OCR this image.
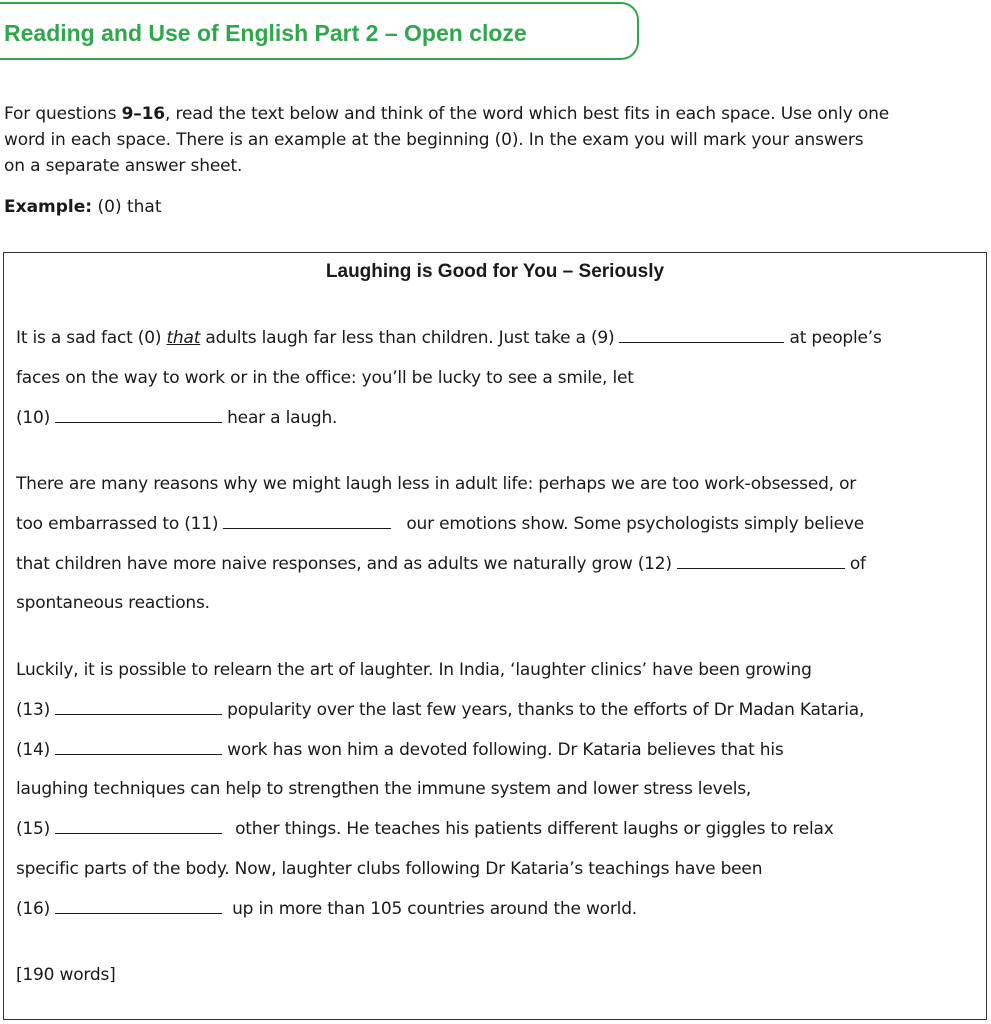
Reading and Use of English Part 2 – Open cloze

For questions 9–16, read the text below and think of the word which best fits in each space. Use only one

word in each space. There is an example at the beginning (0). In the exam you will mark your answers

on a separate answer sheet.

Example: (0) that
Laughing is Good for You – Seriously
It is a sad fact (0) that adults laugh far less than children. Just take a (9)	at people’s
faces on the way to work or in the office: you’ll be lucky to see a smile, let
(10)	hear a laugh.
There are many reasons why we might laugh less in adult life: perhaps we are too work-obsessed, or
too embarrassed to (11)	our emotions show. Some psychologists simply believe
that children have more naive responses, and as adults we naturally grow (12)	of
spontaneous reactions.
Luckily, it is possible to relearn the art of laughter. In India, ‘laughter clinics’ have been growing
(13)	popularity over the last few years, thanks to the efforts of Dr Madan Kataria,
(14)	work has won him a devoted following. Dr Kataria believes that his
laughing techniques can help to strengthen the immune system and lower stress levels,
(15)	other things. He teaches his patients different laughs or giggles to relax
specific parts of the body. Now, laughter clubs following Dr Kataria’s teachings have been
(16)	up in more than 105 countries around the world.
[190 words]
